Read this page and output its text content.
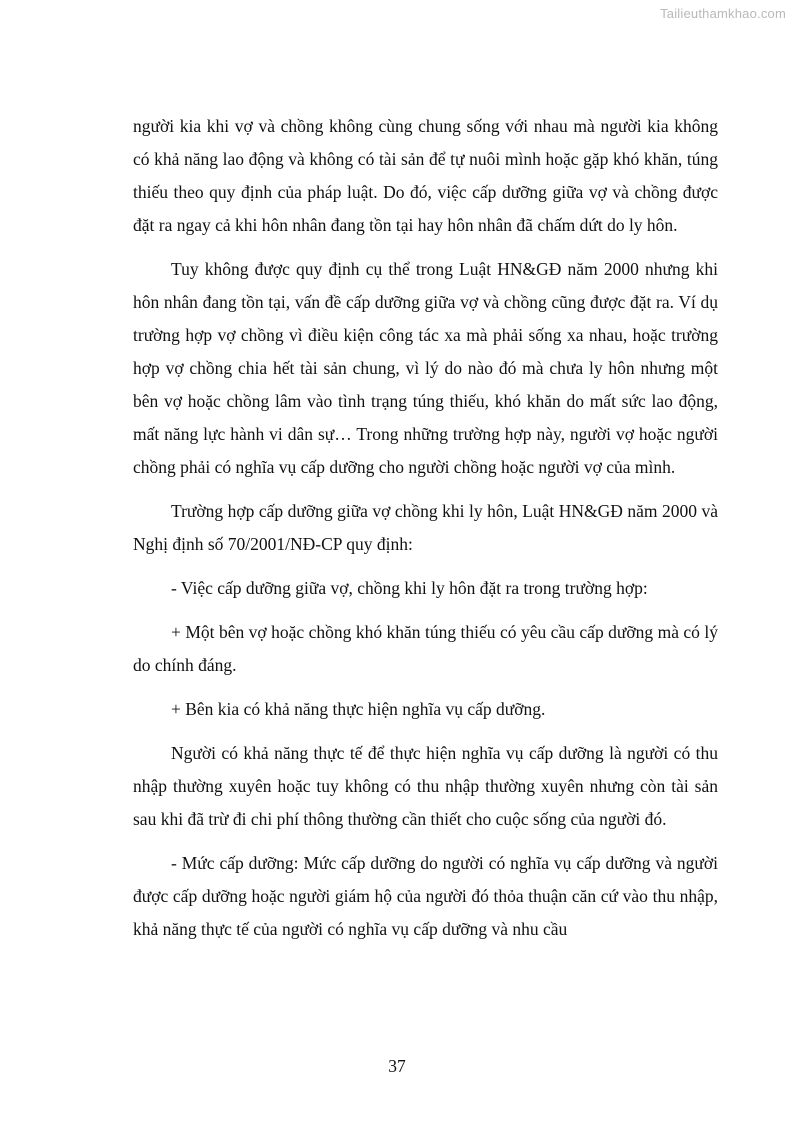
Tailieuthamkhao.com

người kia khi vợ và chồng không cùng chung sống với nhau mà người kia không có khả năng lao động và không có tài sản để tự nuôi mình hoặc gặp khó khăn, túng thiếu theo quy định của pháp luật. Do đó, việc cấp dưỡng giữa vợ và chồng được đặt ra ngay cả khi hôn nhân đang tồn tại hay hôn nhân đã chấm dứt do ly hôn.

Tuy không được quy định cụ thể trong Luật HN&GĐ năm 2000 nhưng khi hôn nhân đang tồn tại, vấn đề cấp dưỡng giữa vợ và chồng cũng được đặt ra. Ví dụ trường hợp vợ chồng vì điều kiện công tác xa mà phải sống xa nhau, hoặc trường hợp vợ chồng chia hết tài sản chung, vì lý do nào đó mà chưa ly hôn nhưng một bên vợ hoặc chồng lâm vào tình trạng túng thiếu, khó khăn do mất sức lao động, mất năng lực hành vi dân sự… Trong những trường hợp này, người vợ hoặc người chồng phải có nghĩa vụ cấp dưỡng cho người chồng hoặc người vợ của mình.

Trường hợp cấp dưỡng giữa vợ chồng khi ly hôn, Luật HN&GĐ năm 2000 và Nghị định số 70/2001/NĐ-CP quy định:

- Việc cấp dưỡng giữa vợ, chồng khi ly hôn đặt ra trong trường hợp:

+ Một bên vợ hoặc chồng khó khăn túng thiếu có yêu cầu cấp dưỡng mà có lý do chính đáng.

+ Bên kia có khả năng thực hiện nghĩa vụ cấp dưỡng.

Người có khả năng thực tế để thực hiện nghĩa vụ cấp dưỡng là người có thu nhập thường xuyên hoặc tuy không có thu nhập thường xuyên nhưng còn tài sản sau khi đã trừ đi chi phí thông thường cần thiết cho cuộc sống của người đó.

- Mức cấp dưỡng: Mức cấp dưỡng do người có nghĩa vụ cấp dưỡng và người được cấp dưỡng hoặc người giám hộ của người đó thỏa thuận căn cứ vào thu nhập, khả năng thực tế của người có nghĩa vụ cấp dưỡng và nhu cầu

37
